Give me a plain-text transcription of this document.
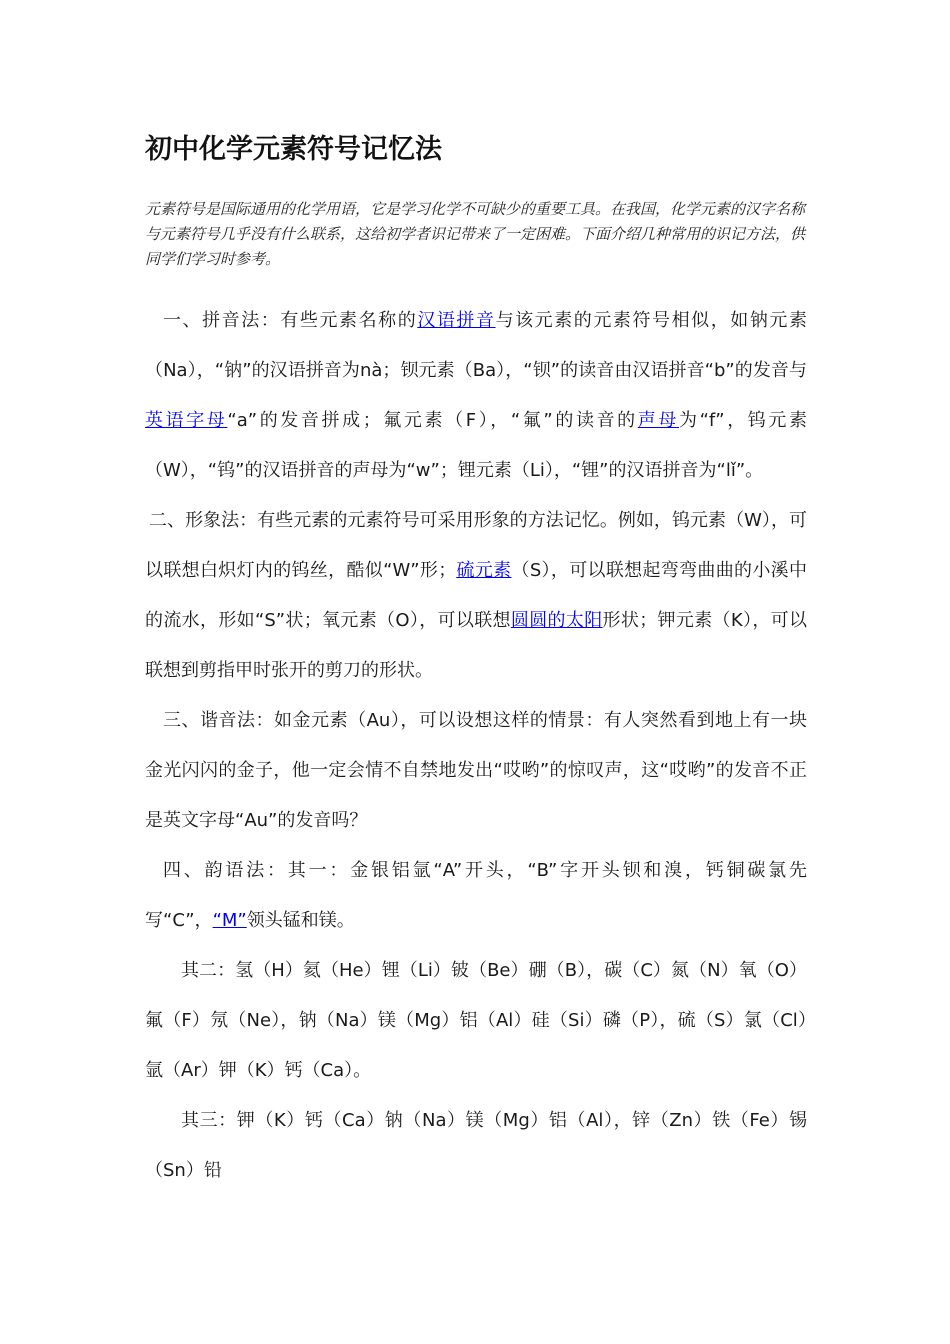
初中化学元素符号记忆法

元素符号是国际通用的化学用语，它是学习化学不可缺少的重要工具。在我国，化学元素的汉字名称与元素符号几乎没有什么联系，这给初学者识记带来了一定困难。下面介绍几种常用的识记方法，供同学们学习时参考。

一、拼音法：有些元素名称的汉语拼音与该元素的元素符号相似，如钠元素（Na），“钠”的汉语拼音为nà；钡元素（Ba），“钡”的读音由汉语拼音“b”的发音与英语字母“a”的发音拼成；氟元素（F），“氟”的读音的声母为“f”，钨元素（W），“钨”的汉语拼音的声母为“w”；锂元素（Li），“锂”的汉语拼音为“lǐ”。

二、形象法：有些元素的元素符号可采用形象的方法记忆。例如，钨元素（W），可以联想白炽灯内的钨丝，酷似“W”形；硫元素（S），可以联想起弯弯曲曲的小溪中的流水，形如“S”状；氧元素（O），可以联想圆圆的太阳形状；钾元素（K），可以联想到剪指甲时张开的剪刀的形状。

三、谐音法：如金元素（Au），可以设想这样的情景：有人突然看到地上有一块金光闪闪的金子，他一定会情不自禁地发出“哎哟”的惊叹声，这“哎哟”的发音不正是英文字母“Au”的发音吗？

四、韵语法：其一：金银铝氩“A”开头，“B”字开头钡和溴，钙铜碳氯先写“C”，“M”领头锰和镁。

其二：氢（H）氦（He）锂（Li）铍（Be）硼（B），碳（C）氮（N）氧（O）氟（F）氖（Ne），钠（Na）镁（Mg）铝（Al）硅（Si）磷（P），硫（S）氯（Cl）氩（Ar）钾（K）钙（Ca）。

其三：钾（K）钙（Ca）钠（Na）镁（Mg）铝（Al），锌（Zn）铁（Fe）锡（Sn）铅
